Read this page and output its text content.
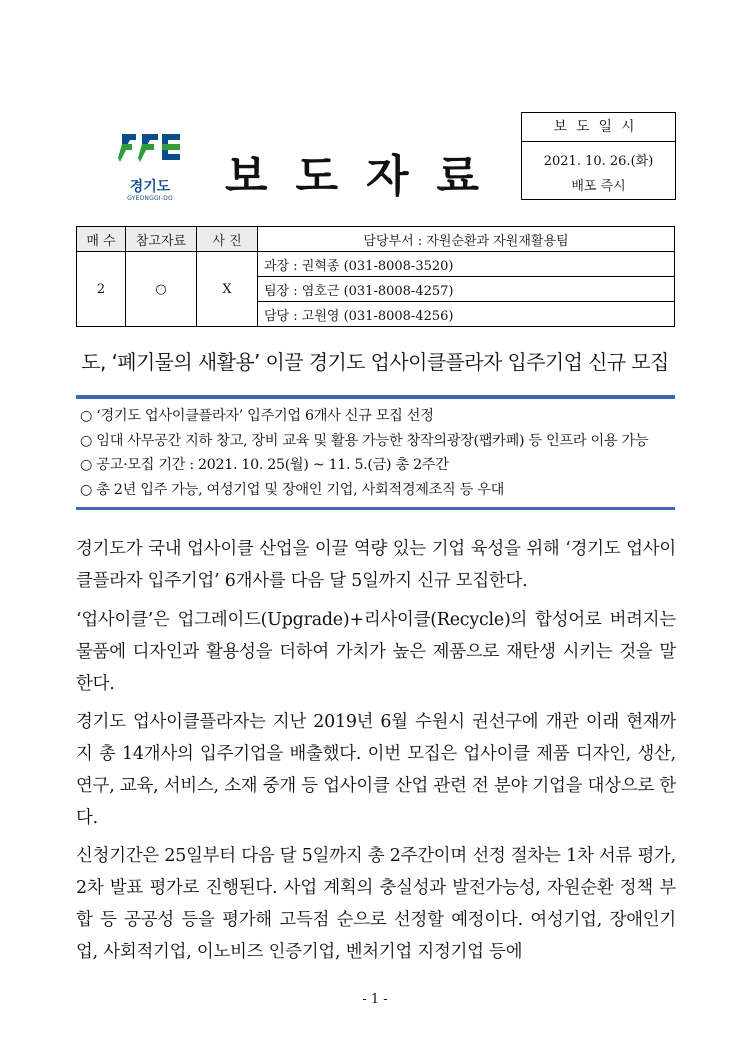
경기도
GYEONGGI-DO	보도자료
보도일시
2021. 10. 26.(화)
배포 즉시
매 수	참고자료	사 진	담당부서 : 자원순환과 자원재활용팀
2	○	X	과장 : 권혁종 (031-8008-3520)
			팀장 : 염호근 (031-8008-4257)
			담당 : 고원영 (031-8008-4256)
도, ‘폐기물의 새활용’ 이끌 경기도 업사이클플라자 입주기업 신규 모집
○ ‘경기도 업사이클플라자’ 입주기업 6개사 신규 모집 선정
○ 임대 사무공간 지하 창고, 장비 교육 및 활용 가능한 창작의광장(팹카페) 등 인프라 이용 가능
○ 공고·모집 기간 : 2021. 10. 25(월) ~ 11. 5.(금) 총 2주간
○ 총 2년 입주 가능, 여성기업 및 장애인 기업, 사회적경제조직 등 우대
경기도가 국내 업사이클 산업을 이끌 역량 있는 기업 육성을 위해 ‘경기도 업사이클플라자 입주기업’ 6개사를 다음 달 5일까지 신규 모집한다.
‘업사이클’은 업그레이드(Upgrade)+리사이클(Recycle)의 합성어로 버려지는 물품에 디자인과 활용성을 더하여 가치가 높은 제품으로 재탄생 시키는 것을 말한다.
경기도 업사이클플라자는 지난 2019년 6월 수원시 권선구에 개관 이래 현재까지 총 14개사의 입주기업을 배출했다. 이번 모집은 업사이클 제품 디자인, 생산, 연구, 교육, 서비스, 소재 중개 등 업사이클 산업 관련 전 분야 기업을 대상으로 한다.
신청기간은 25일부터 다음 달 5일까지 총 2주간이며 선정 절차는 1차 서류 평가, 2차 발표 평가로 진행된다. 사업 계획의 충실성과 발전가능성, 자원순환 정책 부합 등 공공성 등을 평가해 고득점 순으로 선정할 예정이다. 여성기업, 장애인기업, 사회적기업, 이노비즈 인증기업, 벤처기업 지정기업 등에
- 1 -
